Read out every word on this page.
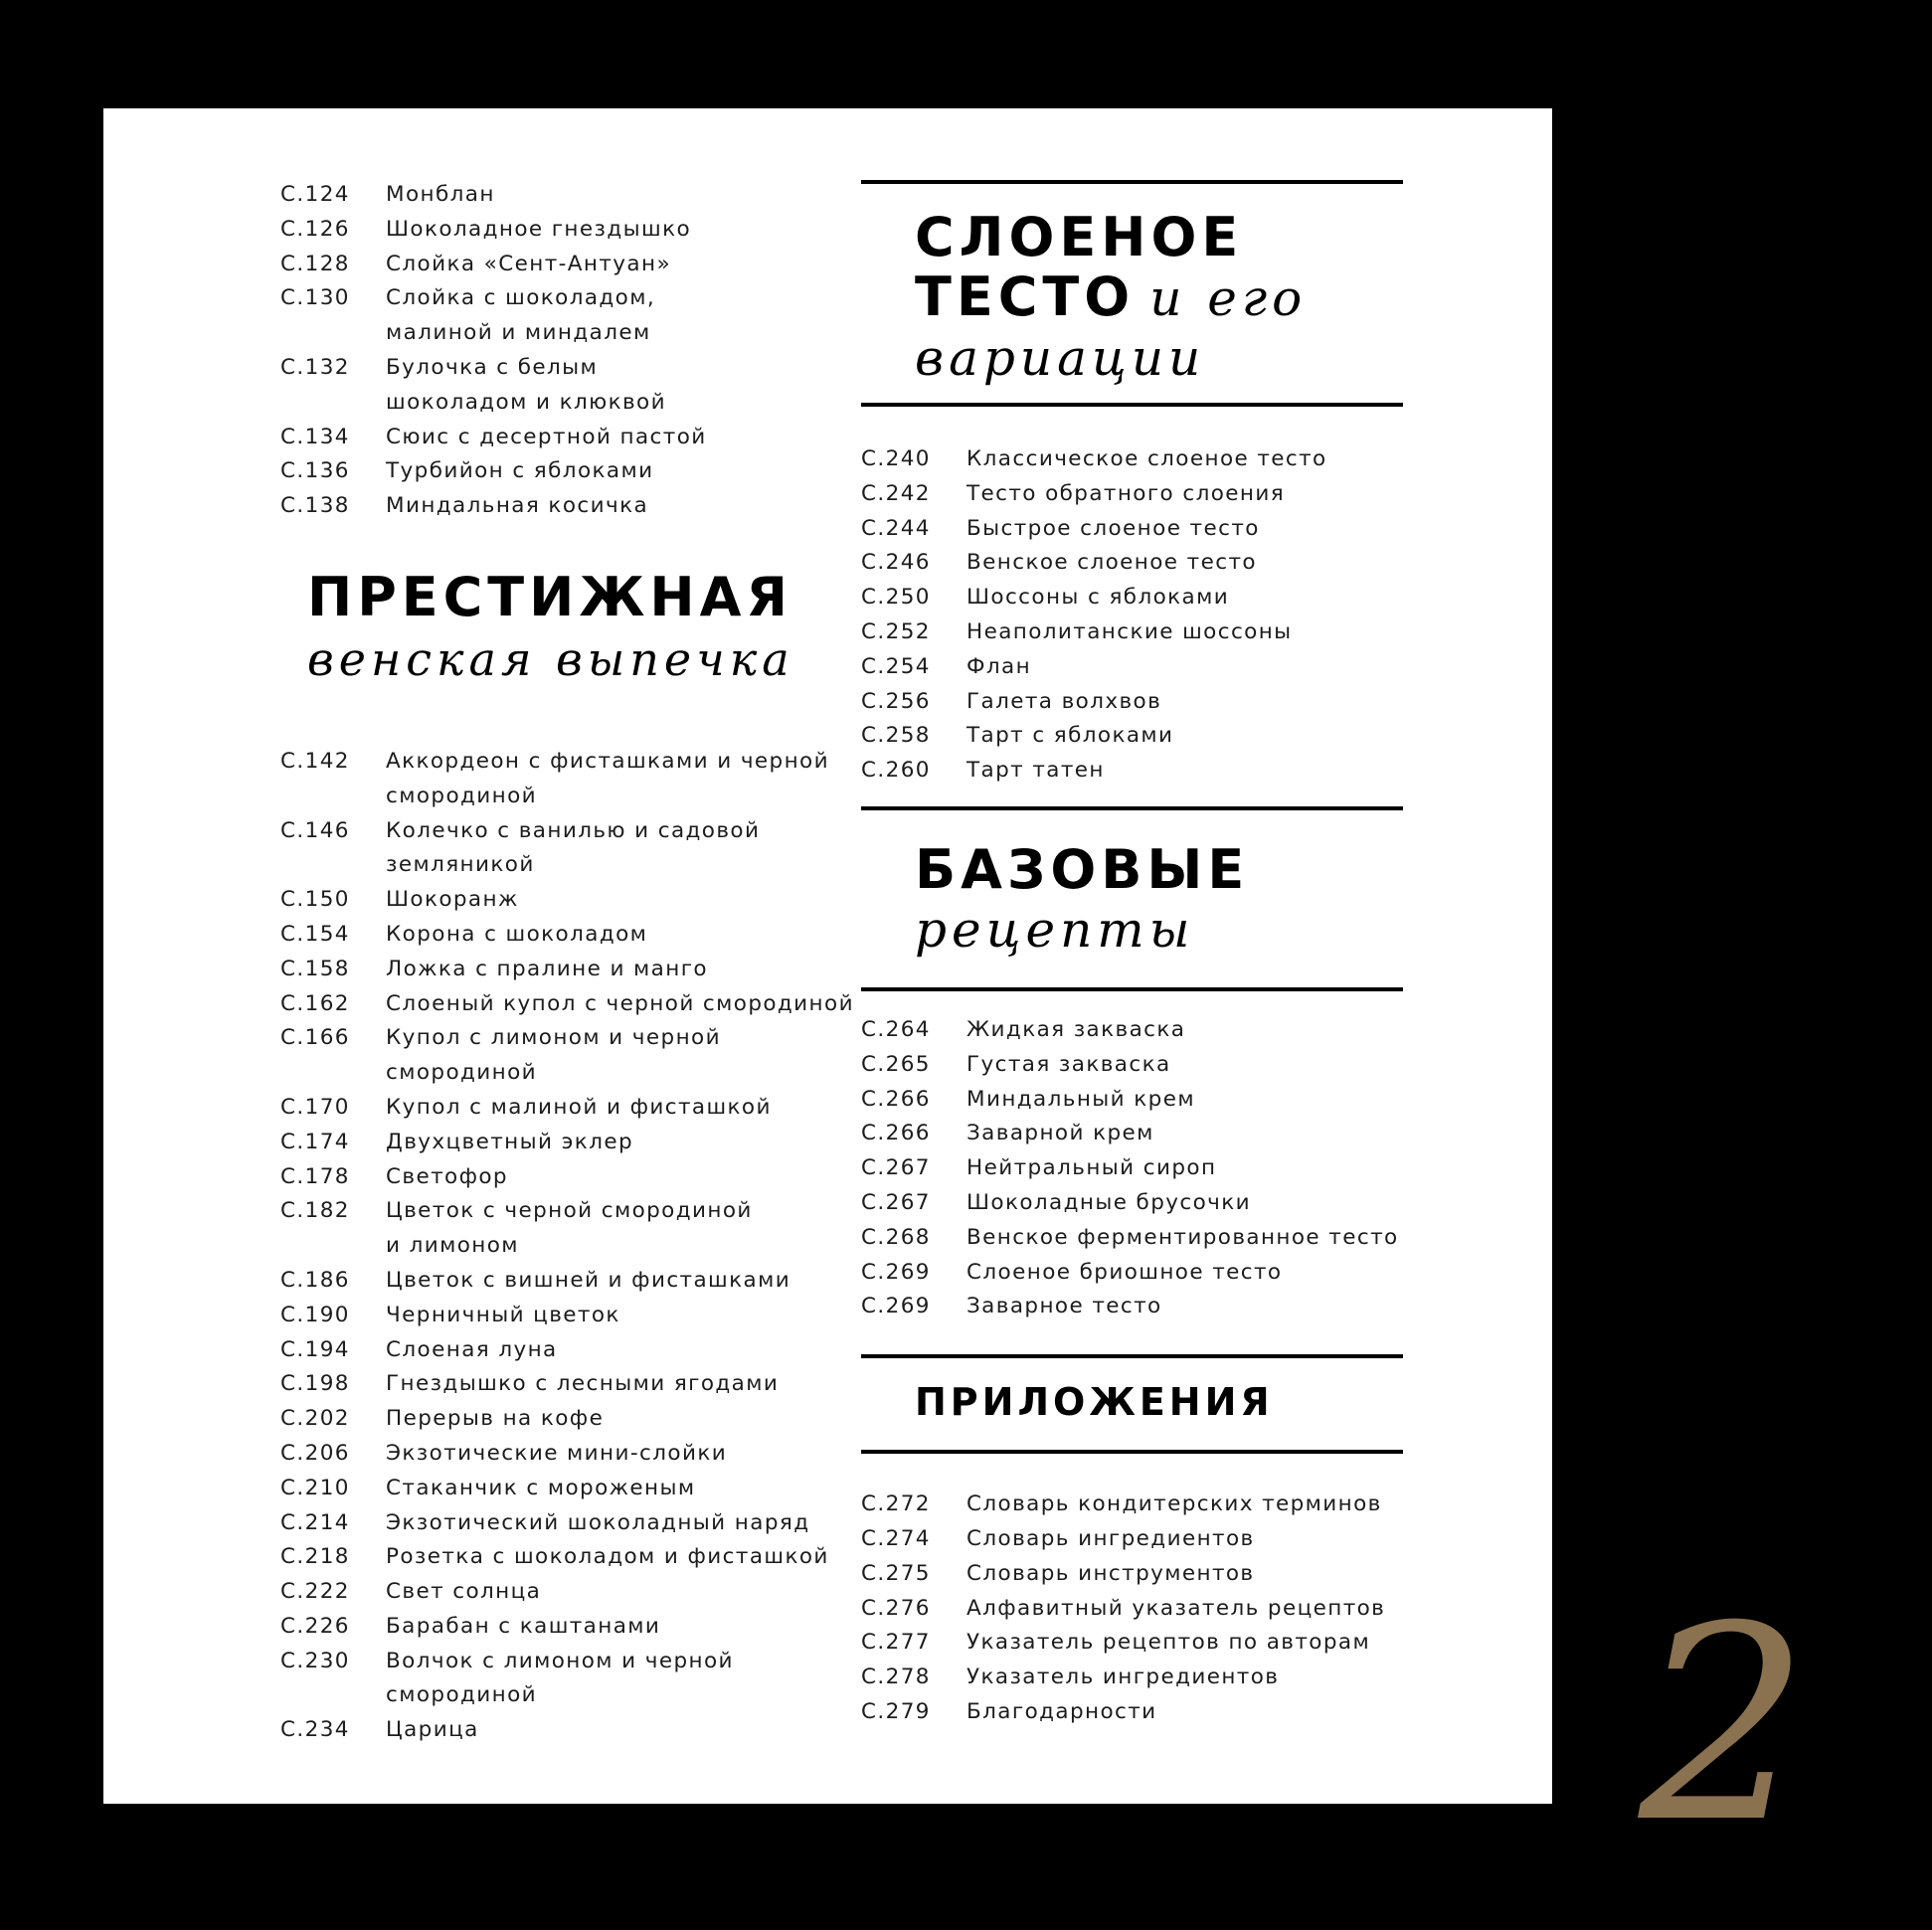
С.124	Монблан
С.126	Шоколадное гнездышко
С.128	Слойка «Сент-Антуан»
С.130	Слойка с шоколадом,
малиной и миндалем
С.132	Булочка с белым
шоколадом и клюквой
С.134	Сюис с десертной пастой
С.136	Турбийон с яблоками
С.138	Миндальная косичка
ПРЕСТИЖНАЯ
венская выпечка
С.142	Аккордеон с фисташками и черной
смородиной
С.146	Колечко с ванилью и садовой
земляникой
С.150	Шокоранж
С.154	Корона с шоколадом
С.158	Ложка с пралине и манго
С.162	Слоеный купол с черной смородиной
С.166	Купол с лимоном и черной
смородиной
С.170	Купол с малиной и фисташкой
С.174	Двухцветный эклер
С.178	Светофор
С.182	Цветок с черной смородиной
и лимоном
С.186	Цветок с вишней и фисташками
С.190	Черничный цветок
С.194	Слоеная луна
С.198	Гнездышко с лесными ягодами
С.202	Перерыв на кофе
С.206	Экзотические мини-слойки
С.210	Стаканчик с мороженым
С.214	Экзотический шоколадный наряд
С.218	Розетка с шоколадом и фисташкой
С.222	Свет солнца
С.226	Барабан с каштанами
С.230	Волчок с лимоном и черной
смородиной
С.234	Царица
СЛОЕНОЕ
ТЕСТО и его
вариации
С.240	Классическое слоеное тесто
С.242	Тесто обратного слоения
С.244	Быстрое слоеное тесто
С.246	Венское слоеное тесто
С.250	Шоссоны с яблоками
С.252	Неаполитанские шоссоны
С.254	Флан
С.256	Галета волхвов
С.258	Тарт с яблоками
С.260	Тарт татен
БАЗОВЫЕ
рецепты
С.264	Жидкая закваска
С.265	Густая закваска
С.266	Миндальный крем
С.266	Заварной крем
С.267	Нейтральный сироп
С.267	Шоколадные брусочки
С.268	Венское ферментированное тесто
С.269	Слоеное бриошное тесто
С.269	Заварное тесто
ПРИЛОЖЕНИЯ
С.272	Словарь кондитерских терминов
С.274	Словарь ингредиентов
С.275	Словарь инструментов
С.276	Алфавитный указатель рецептов
С.277	Указатель рецептов по авторам
С.278	Указатель ингредиентов
С.279	Благодарности	2
